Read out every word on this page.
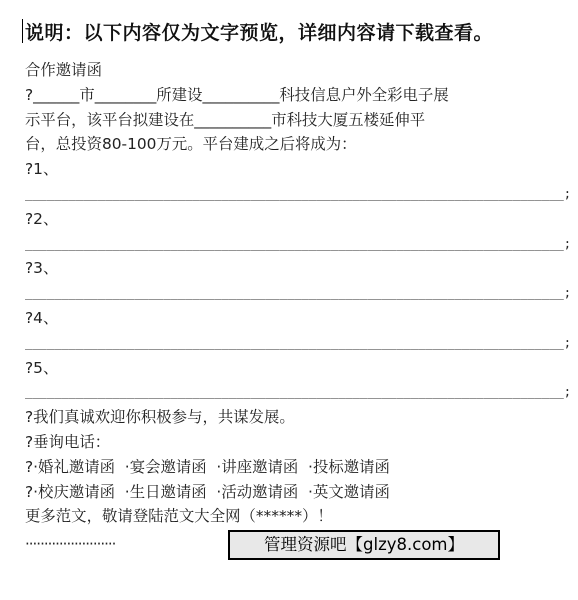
说明：以下内容仅为文字预览，详细内容请下载查看。
合作邀请函
?______市________所建设__________科技信息户外全彩电子展
示平台，该平台拟建设在__________市科技大厦五楼延伸平
台，总投资80-100万元。平台建成之后将成为：
?1、
__________________________________________________________________________;
?2、
__________________________________________________________________________;
?3、
__________________________________________________________________________;
?4、
__________________________________________________________________________;
?5、
__________________________________________________________________________;
?我们真诚欢迎你积极参与，共谋发展。
?垂询电话：
?·婚礼邀请函  ·宴会邀请函  ·讲座邀请函  ·投标邀请函
?·校庆邀请函  ·生日邀请函  ·活动邀请函  ·英文邀请函
更多范文，敬请登陆范文大全网（******）！
························	管理资源吧【glzy8.com】
